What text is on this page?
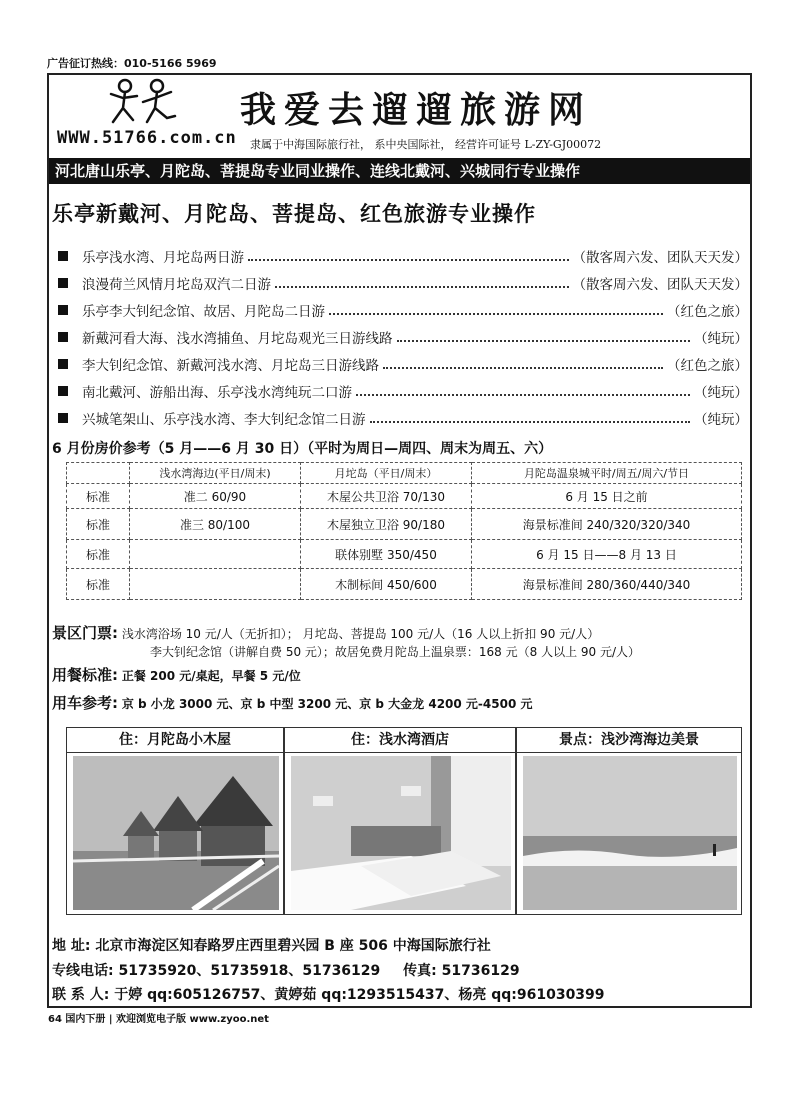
广告征订热线：010-5166 5969
我爱去遛遛旅游网
WWW.51766.com.cn 隶属于中海国际旅行社， 系中央国际社， 经营许可证号 L-ZY-GJ00072
河北唐山乐亭、月陀岛、菩提岛专业同业操作、连线北戴河、兴城同行专业操作
乐亭新戴河、月陀岛、菩提岛、红色旅游专业操作
乐亭浅水湾、月坨岛两日游	（散客周六发、团队天天发）
浪漫荷兰风情月坨岛双汽二日游	（散客周六发、团队天天发）
乐亭李大钊纪念馆、故居、月陀岛二日游	（红色之旅）
新戴河看大海、浅水湾捕鱼、月坨岛观光三日游线路	（纯玩）
李大钊纪念馆、新戴河浅水湾、月坨岛三日游线路	（红色之旅）
南北戴河、游船出海、乐亭浅水湾纯玩二口游	（纯玩）
兴城笔架山、乐亭浅水湾、李大钊纪念馆二日游	（纯玩）
6 月份房价参考（5 月——6 月 30 日）（平时为周日—周四、周末为周五、六）
	浅水湾海边(平日/周末)	月坨岛（平日/周末）	月陀岛温泉城平时/周五/周六/节日
标准	准二 60/90	木屋公共卫浴 70/130	6 月 15 日之前
标准	准三 80/100	木屋独立卫浴 90/180	海景标准间 240/320/320/340
标准		联体别墅 350/450	6 月 15 日——8 月 13 日
标准		木制标间 450/600	海景标准间 280/360/440/340
景区门票: 浅水湾浴场 10 元/人（无折扣）； 月坨岛、菩提岛 100 元/人（16 人以上折扣 90 元/人）
李大钊纪念馆（讲解自费 50 元）；故居免费月陀岛上温泉票：168 元（8 人以上 90 元/人）
用餐标准: 正餐 200 元/桌起，早餐 5 元/位
用车参考: 京 b 小龙 3000 元、京 b 中型 3200 元、京 b 大金龙 4200 元-4500 元
住：月陀岛小木屋	住：浅水湾酒店	景点：浅沙湾海边美景
地 址: 北京市海淀区知春路罗庄西里碧兴园 B 座 506 中海国际旅行社
专线电话: 51735920、51735918、51736129 传真: 51736129
联 系 人: 于婷 qq:605126757、黄婷茹 qq:1293515437、杨亮 qq:961030399
64 国内下册 | 欢迎浏览电子版 www.zyoo.net
